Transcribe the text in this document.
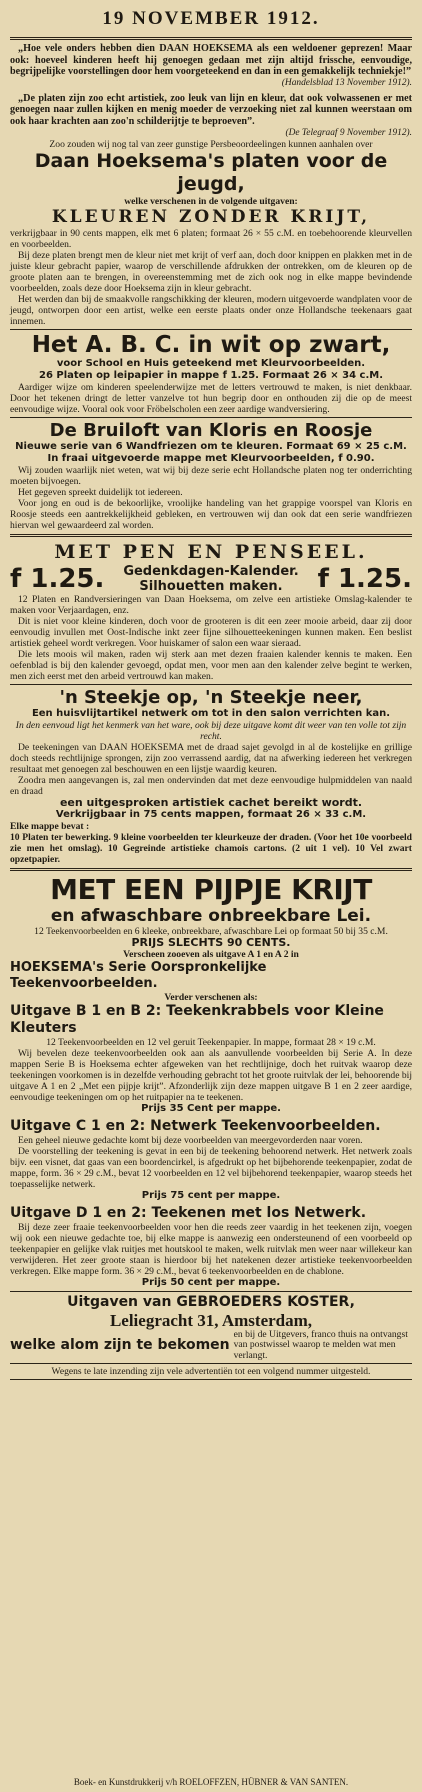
19 NOVEMBER 1912.
„Hoe vele onders hebben dien DAAN HOEKSEMA als een weldoener geprezen! Maar ook: hoeveel kinderen heeft hij genoegen gedaan met zijn altijd frissche, eenvoudige, begrijpelijke voorstellingen door hem voorgeteekend en dan in een gemakkelijk techniekje!”
(Handelsblad 13 November 1912).
„De platen zijn zoo echt artistiek, zoo leuk van lijn en kleur, dat ook volwassenen er met genoegen naar zullen kijken en menig moeder de verzoeking niet zal kunnen weerstaan om ook haar krachten aan zoo'n schilderijtje te beproeven”.
(De Telegraaf 9 November 1912).
Zoo zouden wij nog tal van zeer gunstige Persbeoordeelingen kunnen aanhalen over
Daan Hoeksema's platen voor de jeugd,
welke verschenen in de volgende uitgaven:
KLEUREN ZONDER KRIJT,
verkrijgbaar in 90 cents mappen, elk met 6 platen; formaat 26 × 55 c.M. en toebehoorende kleurvellen en voorbeelden.
Bij deze platen brengt men de kleur niet met krijt of verf aan, doch door knippen en plakken met in de juiste kleur gebracht papier, waarop de verschillende afdrukken der ontrekken, om de kleuren op de groote platen aan te brengen, in overeenstemming met de zich ook nog in elke mappe bevindende voorbeelden, zoals deze door Hoeksema zijn in kleur gebracht.
Het werden dan bij de smaakvolle rangschikking der kleuren, modern uitgevoerde wandplaten voor de jeugd, ontworpen door een artist, welke een eerste plaats onder onze Hollandsche teekenaars gaat innemen.
Het A. B. C. in wit op zwart,
voor School en Huis geteekend met Kleurvoorbeelden.
26 Platen op leipapier in mappe f 1.25. Formaat 26 × 34 c.M.
Aardiger wijze om kinderen speelenderwijze met de letters vertrouwd te maken, is niet denkbaar. Door het tekenen dringt de letter vanzelve tot hun begrip door en onthouden zij die op de meest eenvoudige wijze. Vooral ook voor Fröbelscholen een zeer aardige wandversiering.
De Bruiloft van Kloris en Roosje
Nieuwe serie van 6 Wandfriezen om te kleuren. Formaat 69 × 25 c.M. In fraai uitgevoerde mappe met Kleurvoorbeelden, f 0.90.
Wij zouden waarlijk niet weten, wat wij bij deze serie echt Hollandsche platen nog ter onderrichting moeten bijvoegen.
Het gegeven spreekt duidelijk tot iedereen.
Voor jong en oud is de bekoorlijke, vroolijke handeling van het grappige voorspel van Kloris en Roosje steeds een aantrekkelijkheid gebleken, en vertrouwen wij dan ook dat een serie wandfriezen hiervan wel gewaardeerd zal worden.
MET PEN EN PENSEEL.
f 1.25. Gedenkdagen-Kalender.
Silhouetten maken.	f 1.25.
12 Platen en Randversieringen van Daan Hoeksema, om zelve een artistieke Omslag-kalender te maken voor Verjaardagen, enz.
Dit is niet voor kleine kinderen, doch voor de grooteren is dit een zeer mooie arbeid, daar zij door eenvoudig invullen met Oost-Indische inkt zeer fijne silhouetteekeningen kunnen maken. Een beslist artistiek geheel wordt verkregen. Voor huiskamer of salon een waar sieraad.
Die lets moois wil maken, raden wij sterk aan met dezen fraaien kalender kennis te maken. Een oefenblad is bij den kalender gevoegd, opdat men, voor men aan den kalender zelve begint te werken, men zich eerst met den arbeid vertrouwd kan maken.
'n Steekje op, 'n Steekje neer,
Een huisvlijtartikel netwerk om tot in den salon verrichten kan.
In den eenvoud ligt het kenmerk van het ware, ook bij deze uitgave komt dit weer van ten volle tot zijn recht.
De teekeningen van DAAN HOEKSEMA met de draad sajet gevolgd in al de kostelijke en grillige doch steeds rechtlijnige sprongen, zijn zoo verrassend aardig, dat na afwerking iedereen het verkregen resultaat met genoegen zal beschouwen en een lijstje waardig keuren.
Zoodra men aangevangen is, zal men ondervinden dat met deze eenvoudige hulpmiddelen van naald en draad
een uitgesproken artistiek cachet bereikt wordt.
Verkrijgbaar in 75 cents mappen, formaat 26 × 33 c.M.
Elke mappe bevat :
10 Platen ter bewerking. 9 kleine voorbeelden ter kleurkeuze der draden. (Voor het 10e voorbeeld zie men het omslag). 10 Gegreinde artistieke chamois cartons. (2 uit 1 vel). 10 Vel zwart opzetpapier.
MET EEN PIJPJE KRIJT
en afwaschbare onbreekbare Lei.
12 Teekenvoorbeelden en 6 kleeke, onbreekbare, afwaschbare Lei op formaat 50 bij 35 c.M.
PRIJS SLECHTS 90 CENTS.
Verscheen zooeven als uitgave A 1 en A 2 in
HOEKSEMA's Serie Oorspronkelijke Teekenvoorbeelden.
Verder verschenen als:
Uitgave B 1 en B 2: Teekenkrabbels voor Kleine Kleuters
12 Teekenvoorbeelden en 12 vel geruit Teekenpapier. In mappe, formaat 28 × 19 c.M.
Wij bevelen deze teekenvoorbeelden ook aan als aanvullende voorbeelden bij Serie A. In deze mappen Serie B is Hoeksema echter afgeweken van het rechtlijnige, doch het ruitvak waarop deze teekeningen voorkomen is in dezelfde verhouding gebracht tot het groote ruitvlak der lei, behoorende bij uitgave A 1 en 2 „Met een pijpje krijt”. Afzonderlijk zijn deze mappen uitgave B 1 en 2 zeer aardige, eenvoudige teekeningen om op het ruitpapier na te teekenen.
Prijs 35 Cent per mappe.
Uitgave C 1 en 2: Netwerk Teekenvoorbeelden.
Een geheel nieuwe gedachte komt bij deze voorbeelden van meergevorderden naar voren.
De voorstelling der teekening is gevat in een bij de teekening behoorend netwerk. Het netwerk zoals bijv. een visnet, dat gaas van een boordencirkel, is afgedrukt op het bijbehorende teekenpapier, zodat de mappe, form. 36 × 29 c.M., bevat 12 voorbeelden en 12 vel bijbehorend teekenpapier, waarop steeds het toepasselijke netwerk.
Prijs 75 cent per mappe.
Uitgave D 1 en 2: Teekenen met los Netwerk.
Bij deze zeer fraaie teekenvoorbeelden voor hen die reeds zeer vaardig in het teekenen zijn, voegen wij ook een nieuwe gedachte toe, bij elke mappe is aanwezig een ondersteunend of een voorbeeld op teekenpapier en gelijke vlak ruitjes met houtskool te maken, welk ruitvlak men weer naar willekeur kan verwijderen. Het zeer groote staan is hierdoor bij het natekenen dezer artistieke teekenvoorbeelden verkregen. Elke mappe form. 36 × 29 c.M., bevat 6 teekenvoorbeelden en de chablone.
Prijs 50 cent per mappe.
Uitgaven van GEBROEDERS KOSTER,
Leliegracht 31, Amsterdam,
welke alom zijn te bekomen
en bij de Uitgevers, franco thuis na ontvangst van postwissel waarop te melden wat men verlangt.
Wegens te late inzending zijn vele advertentiën tot een volgend nummer uitgesteld.
Boek- en Kunstdrukkerij v/h ROELOFFZEN, HÜBNER & VAN SANTEN.
